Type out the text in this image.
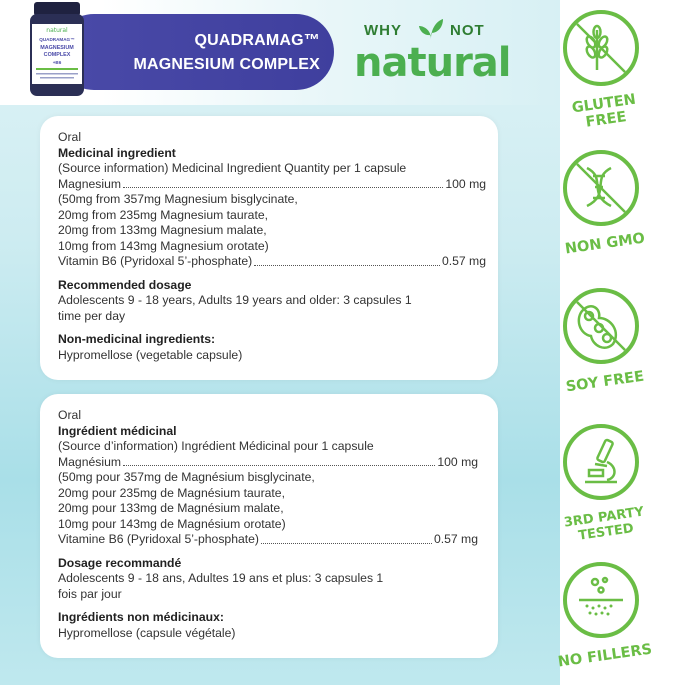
QUADRAMAG™
MAGNESIUM COMPLEX
natural
QUADRAMAG™
MAGNESIUM
COMPLEX
+B6
WHY	NOT
natural
Oral
Medicinal ingredient
(Source information) Medicinal Ingredient Quantity per 1 capsule
Magnesium	100 mg
(50mg from 357mg Magnesium bisglycinate,
20mg from 235mg Magnesium taurate,
20mg from 133mg Magnesium malate,
10mg from 143mg Magnesium orotate)
Vitamin B6 (Pyridoxal 5’-phosphate)	0.57 mg
Recommended dosage
Adolescents 9 - 18 years, Adults 19 years and older: 3 capsules 1
time per day
Non-medicinal ingredients:
Hypromellose (vegetable capsule)
Oral
Ingrédient médicinal
(Source d’information) Ingrédient Médicinal pour 1 capsule
Magnésium	100 mg
(50mg pour 357mg de Magnésium bisglycinate,
20mg pour 235mg de Magnésium taurate,
20mg pour 133mg de Magnésium malate,
10mg pour 143mg de Magnésium orotate)
Vitamine B6 (Pyridoxal 5’-phosphate)	0.57 mg
Dosage recommandé
Adolescents 9 - 18 ans, Adultes 19 ans et plus: 3 capsules 1
fois par jour
Ingrédients non médicinaux:
Hypromellose (capsule végétale)
GLUTEN FREE
NON GMO
SOY FREE
3RD PARTY TESTED
NO FILLERS
